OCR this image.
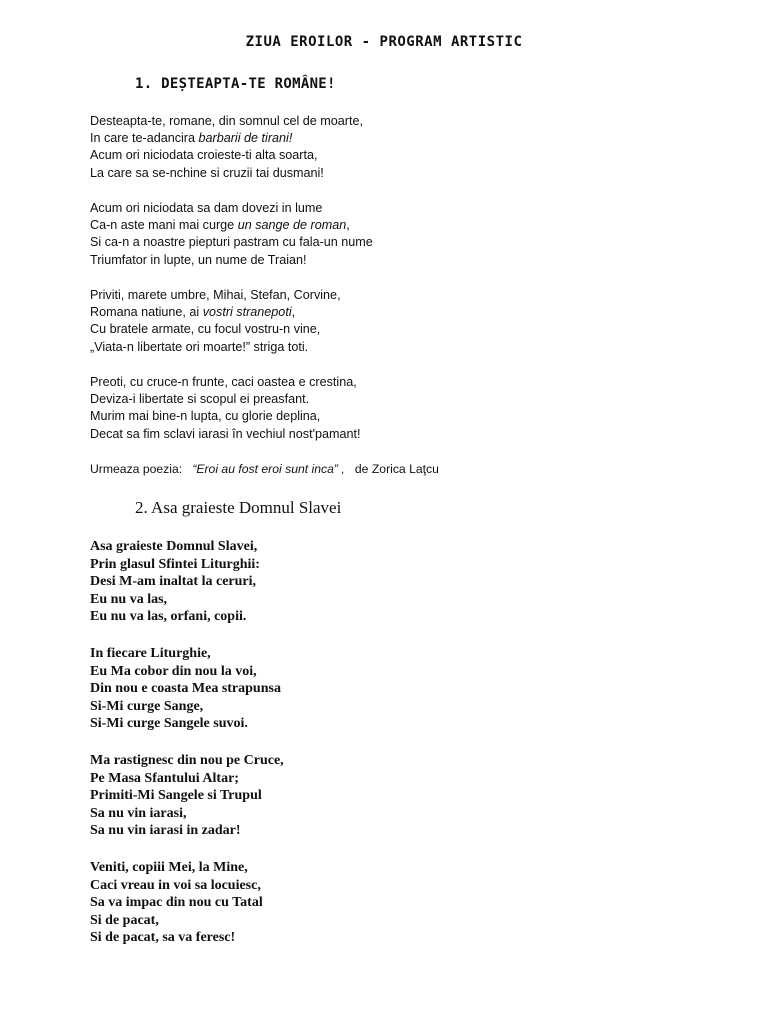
ZIUA EROILOR - PROGRAM ARTISTIC
1. DEȘTEAPTA-TE ROMÂNE!
Desteapta-te, romane, din somnul cel de moarte,
In care te-adancira barbarii de tirani!
Acum ori niciodata croieste-ti alta soarta,
La care sa se-nchine si cruzii tai dusmani!
Acum ori niciodata sa dam dovezi in lume
Ca-n aste mani mai curge un sange de roman,
Si ca-n a noastre piepturi pastram cu fala-un nume
Triumfator in lupte, un nume de Traian!
Priviti, marete umbre, Mihai, Stefan, Corvine,
Romana natiune, ai vostri stranepoti,
Cu bratele armate, cu focul vostru-n vine,
„Viata-n libertate ori moarte!” striga toti.
Preoti, cu cruce-n frunte, caci oastea e crestina,
Deviza-i libertate si scopul ei preasfant.
Murim mai bine-n lupta, cu glorie deplina,
Decat sa fim sclavi iarasi în vechiul nost'pamant!
Urmeaza poezia: “Eroi au fost eroi sunt inca” , de Zorica Laţcu
2. Asa graieste Domnul Slavei
Asa graieste Domnul Slavei,
Prin glasul Sfintei Liturghii:
Desi M-am inaltat la ceruri,
Eu nu va las,
Eu nu va las, orfani, copii.
In fiecare Liturghie,
Eu Ma cobor din nou la voi,
Din nou e coasta Mea strapunsa
Si-Mi curge Sange,
Si-Mi curge Sangele suvoi.
Ma rastignesc din nou pe Cruce,
Pe Masa Sfantului Altar;
Primiti-Mi Sangele si Trupul
Sa nu vin iarasi,
Sa nu vin iarasi in zadar!
Veniti, copiii Mei, la Mine,
Caci vreau in voi sa locuiesc,
Sa va impac din nou cu Tatal
Si de pacat,
Si de pacat, sa va feresc!
